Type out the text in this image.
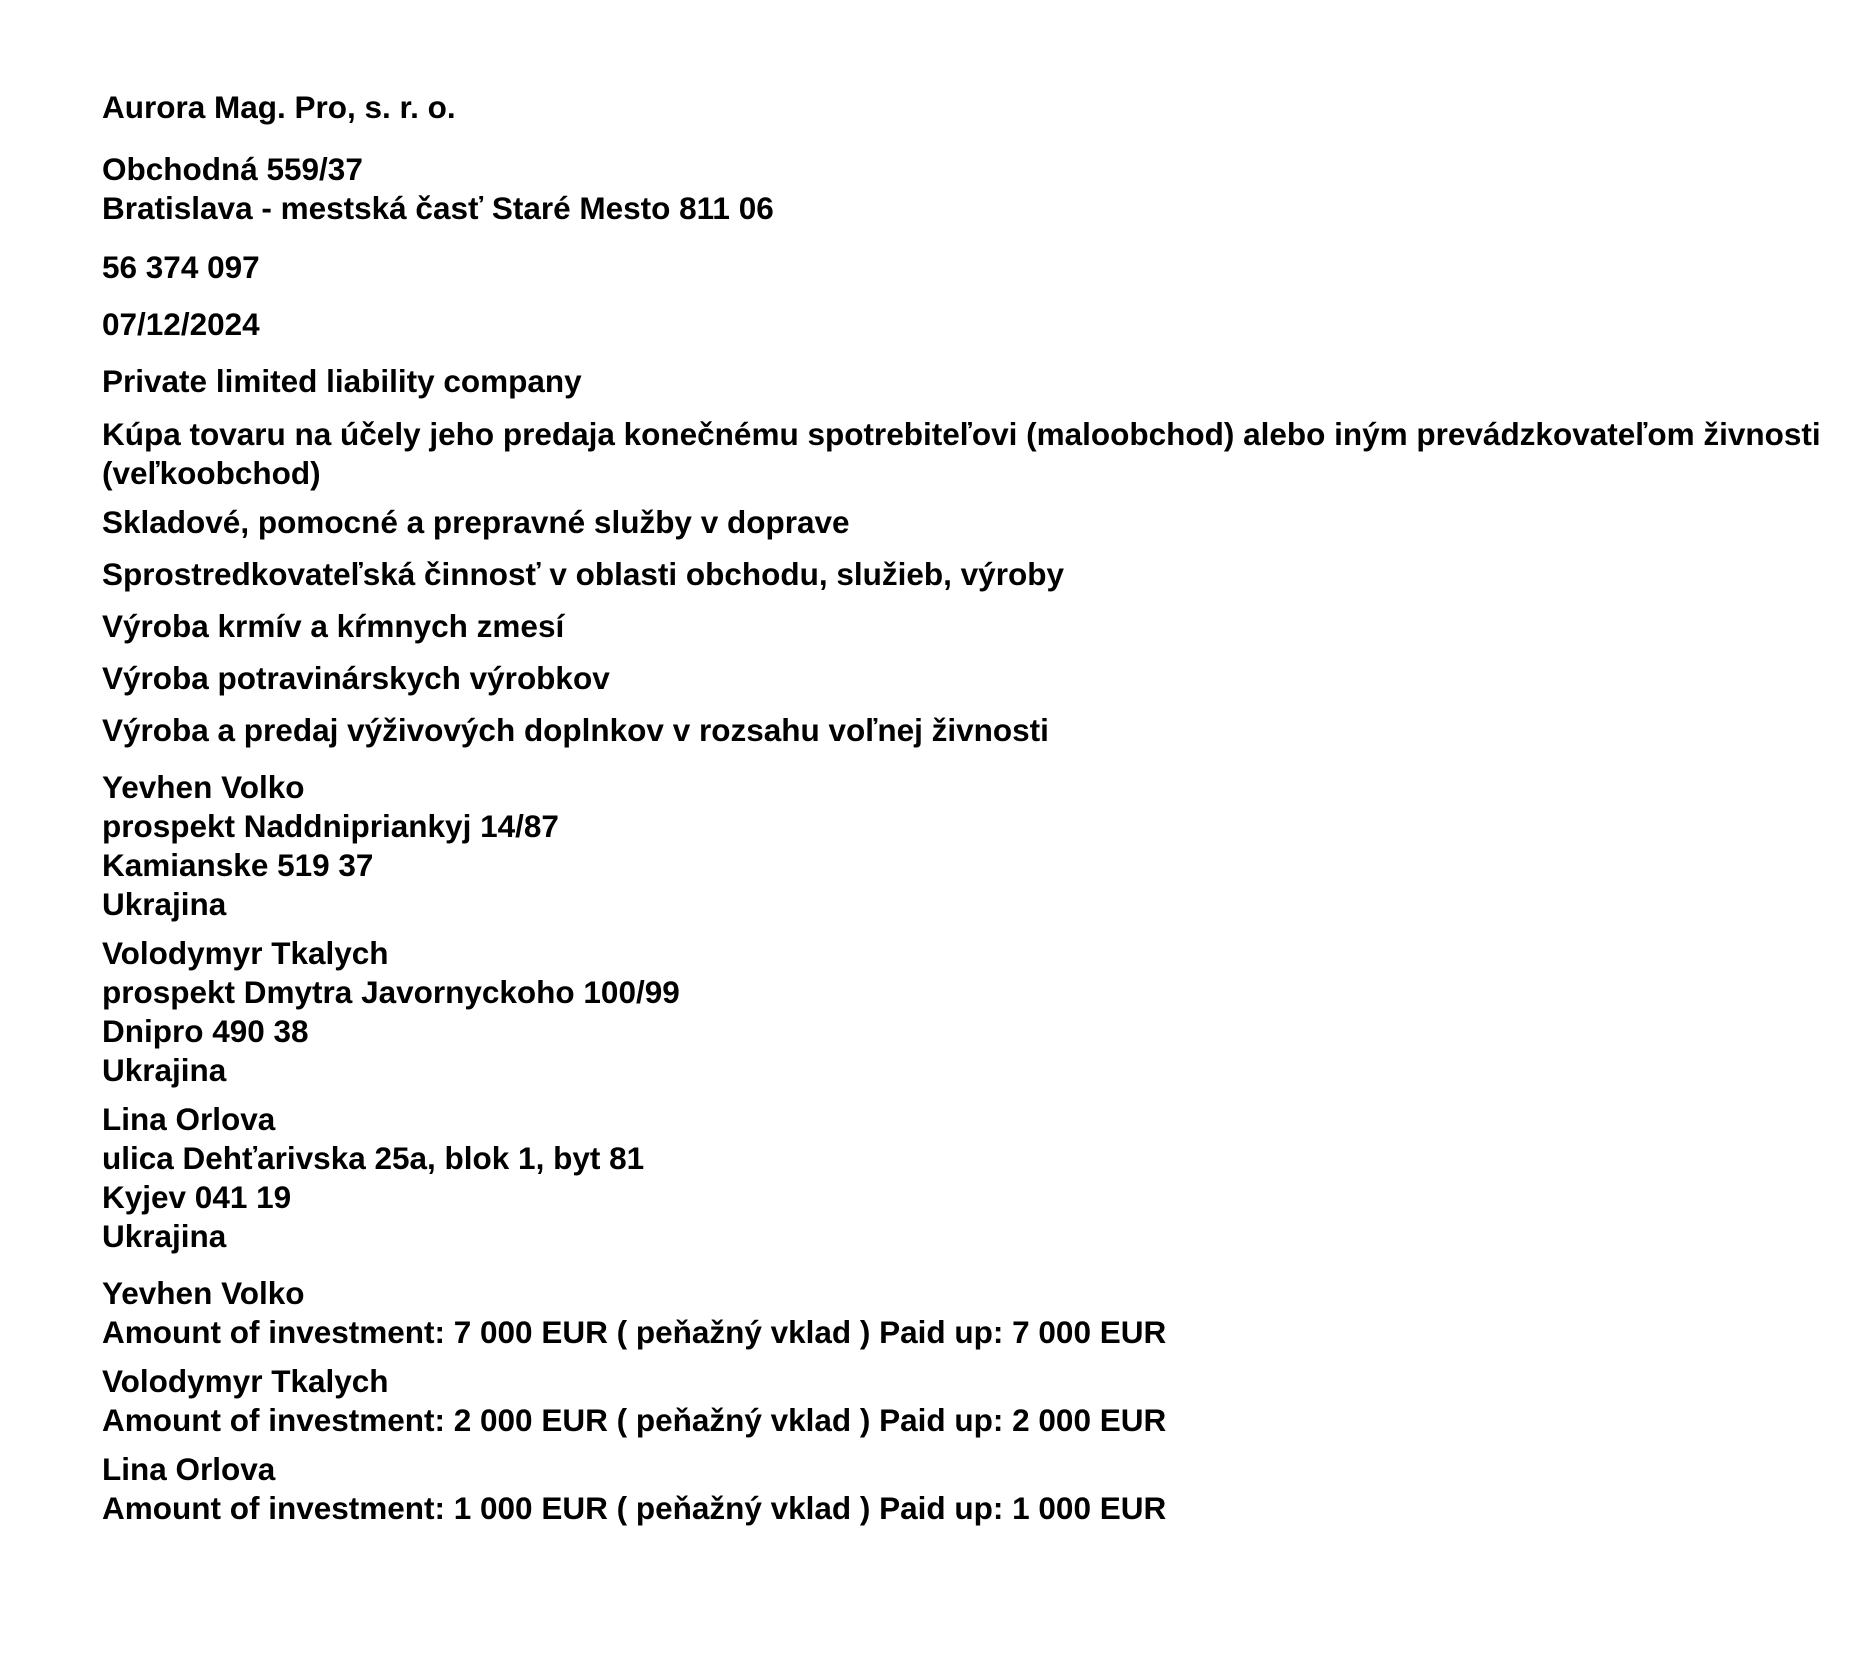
Aurora Mag. Pro, s. r. o.
Obchodná 559/37
Bratislava - mestská časť Staré Mesto 811 06
56 374 097
07/12/2024
Private limited liability company
Kúpa tovaru na účely jeho predaja konečnému spotrebiteľovi (maloobchod) alebo iným prevádzkovateľom živnosti (veľkoobchod)
Skladové, pomocné a prepravné služby v doprave
Sprostredkovateľská činnosť v oblasti obchodu, služieb, výroby
Výroba krmív a kŕmnych zmesí
Výroba potravinárskych výrobkov
Výroba a predaj výživových doplnkov v rozsahu voľnej živnosti
Yevhen Volko
prospekt Naddnipriankyj 14/87
Kamianske 519 37
Ukrajina
Volodymyr Tkalych
prospekt Dmytra Javornyckoho 100/99
Dnipro 490 38
Ukrajina
Lina Orlova
ulica Dehťarivska 25a, blok 1, byt 81
Kyjev 041 19
Ukrajina
Yevhen Volko
Amount of investment: 7 000 EUR ( peňažný vklad ) Paid up: 7 000 EUR
Volodymyr Tkalych
Amount of investment: 2 000 EUR ( peňažný vklad ) Paid up: 2 000 EUR
Lina Orlova
Amount of investment: 1 000 EUR ( peňažný vklad ) Paid up: 1 000 EUR
